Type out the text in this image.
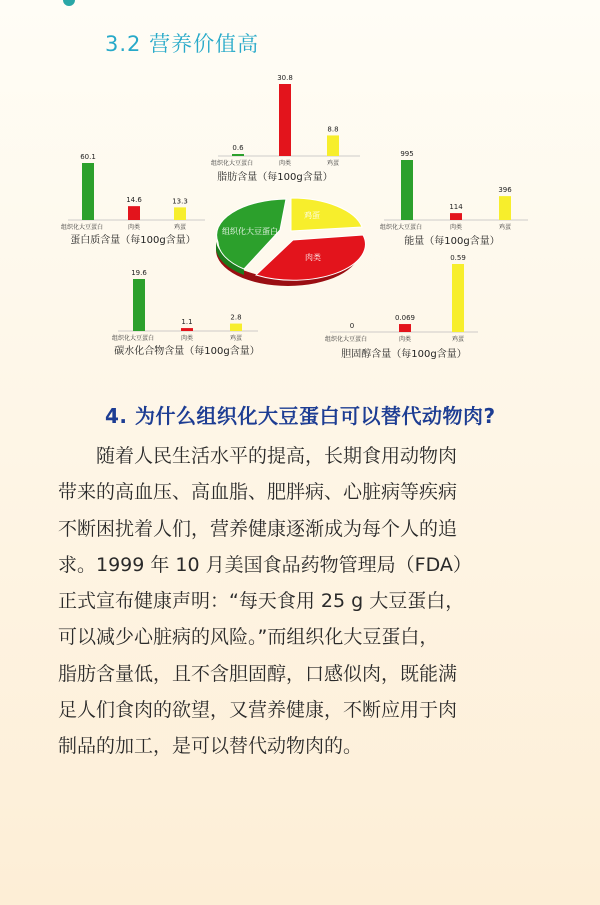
3.2 营养价值高
0.6
组织化大豆蛋白
30.8
肉类
8.8
鸡蛋
脂肪含量（每100g含量）
60.1
组织化大豆蛋白
14.6
肉类
13.3
鸡蛋
蛋白质含量（每100g含量）
995
组织化大豆蛋白
114
肉类
396
鸡蛋
能量（每100g含量）
19.6
组织化大豆蛋白
1.1
肉类
2.8
鸡蛋
碳水化合物含量（每100g含量）
0
组织化大豆蛋白
0.069
肉类
0.59
鸡蛋
胆固醇含量（每100g含量）
组织化大豆蛋白
肉类
鸡蛋
4. 为什么组织化大豆蛋白可以替代动物肉?
随着人民生活水平的提高，长期食用动物肉
带来的高血压、高血脂、肥胖病、心脏病等疾病
不断困扰着人们，营养健康逐渐成为每个人的追
求。1999 年 10 月美国食品药物管理局（FDA）
正式宣布健康声明：“每天食用 25 g 大豆蛋白，
可以减少心脏病的风险。”而组织化大豆蛋白，
脂肪含量低，且不含胆固醇，口感似肉，既能满
足人们食肉的欲望，又营养健康，不断应用于肉
制品的加工，是可以替代动物肉的。
